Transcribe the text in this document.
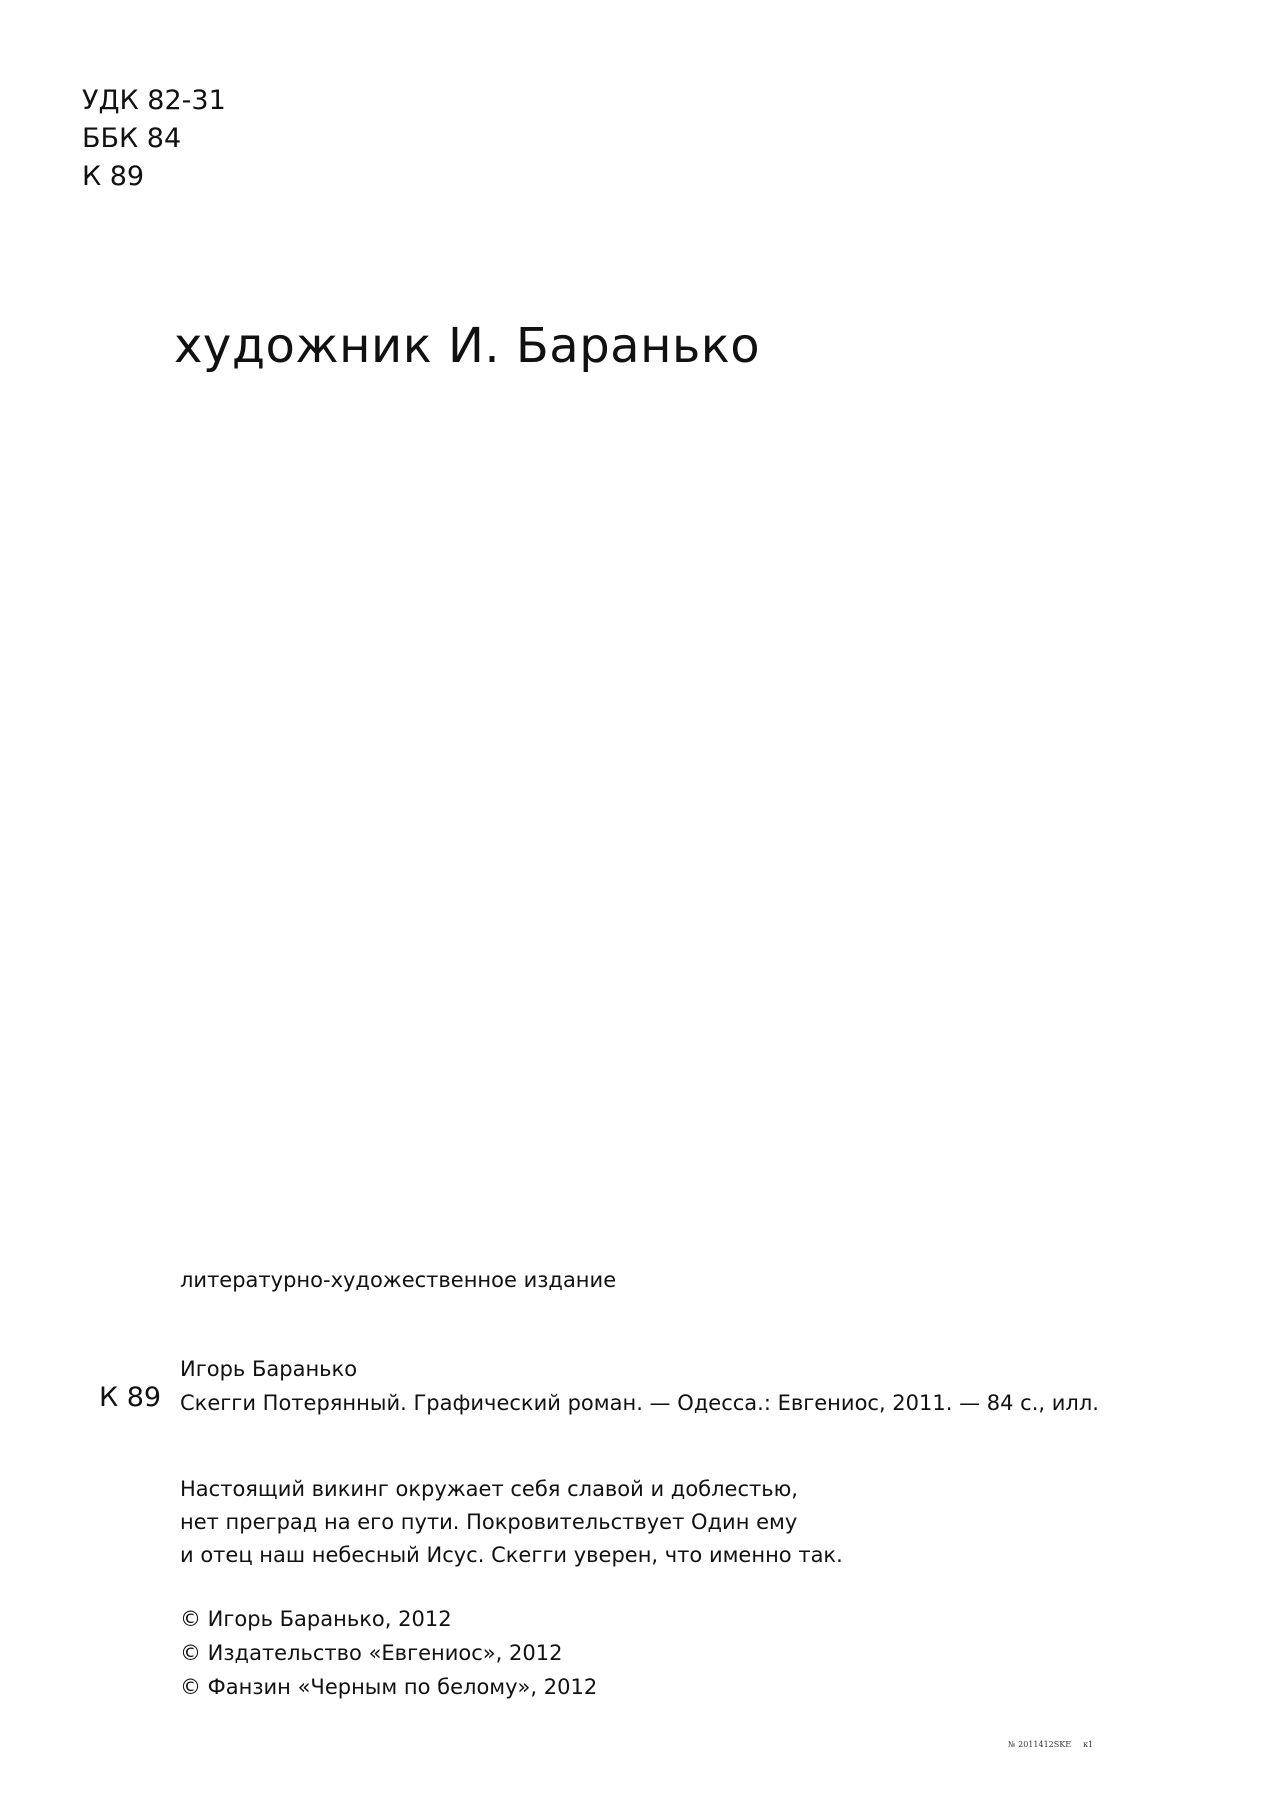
УДК 82-31
ББК 84
К 89
художник И. Баранько
литературно-художественное издание
К 89
Игорь Баранько
Скегги Потерянный. Графический роман. — Одесса.: Евгениос, 2011. — 84 с., илл.
Настоящий викинг окружает себя славой и доблестью,
нет преград на его пути. Покровительствует Один ему
и отец наш небесный Исус. Скегги уверен, что именно так.
© Игорь Баранько, 2012
© Издательство «Евгениос», 2012
© Фанзин «Черным по белому», 2012
№ 2011412SKE к1
